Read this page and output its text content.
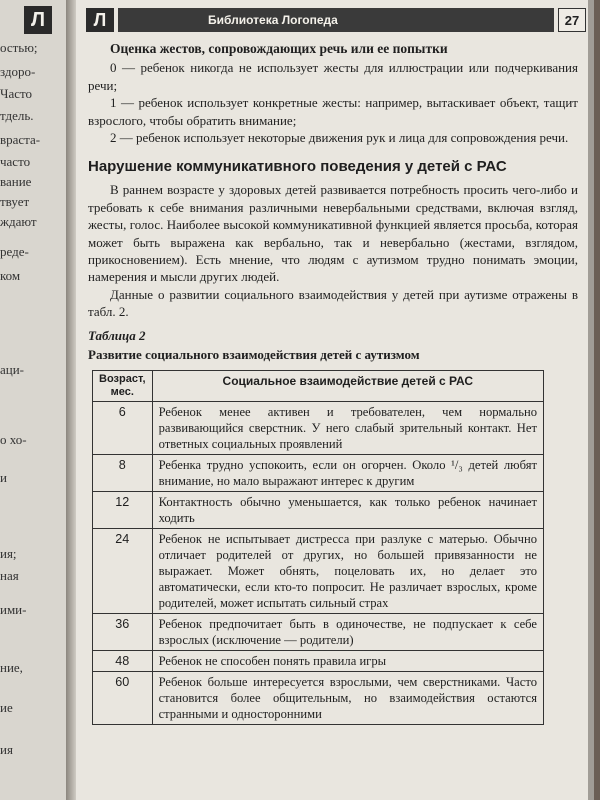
Л
остью;
здоро-
Часто
тдель.
враста-
часто
вание
твует
ждают
реде-
ком
аци-
о хо-
и
ия;
ная
ими-
ние,
ие
ия
Л	Библиотека Логопеда	27

Оценка жестов, сопровождающих речь или ее попытки

0 — ребенок никогда не использует жесты для иллюстрации или подчеркивания речи;

1 — ребенок использует конкретные жесты: например, вытаскивает объект, тащит взрослого, чтобы обратить внимание;

2 — ребенок использует некоторые движения рук и лица для сопровождения речи.

Нарушение коммуникативного поведения у детей с РАС

В раннем возрасте у здоровых детей развивается потребность просить чего-либо и требовать к себе внимания различными невербальными средствами, включая взгляд, жесты, голос. Наиболее высокой коммуникативной функцией является просьба, которая может быть выражена как вербально, так и невербально (жестами, взглядом, прикосновением). Есть мнение, что людям с аутизмом трудно понимать эмоции, намерения и мысли других людей.

Данные о развитии социального взаимодействия у детей при аутизме отражены в табл. 2.

Таблица 2

Развитие социального взаимодействия детей с аутизмом

Возраст, мес.	Социальное взаимодействие детей с РАС
6	Ребенок менее активен и требователен, чем нормально развивающийся сверстник. У него слабый зрительный контакт. Нет ответных социальных проявлений
8	Ребенка трудно успокоить, если он огорчен. Около ¹/₃ детей любят внимание, но мало выражают интерес к другим
12	Контактность обычно уменьшается, как только ребенок начинает ходить
24	Ребенок не испытывает дистресса при разлуке с матерью. Обычно отличает родителей от других, но большей привязанности не выражает. Может обнять, поцеловать их, но делает это автоматически, если кто-то попросит. Не различает взрослых, кроме родителей, может испытать сильный страх
36	Ребенок предпочитает быть в одиночестве, не подпускает к себе взрослых (исключение — родители)
48	Ребенок не способен понять правила игры
60	Ребенок больше интересуется взрослыми, чем сверстниками. Часто становится более общительным, но взаимодействия остаются странными и односторонними
